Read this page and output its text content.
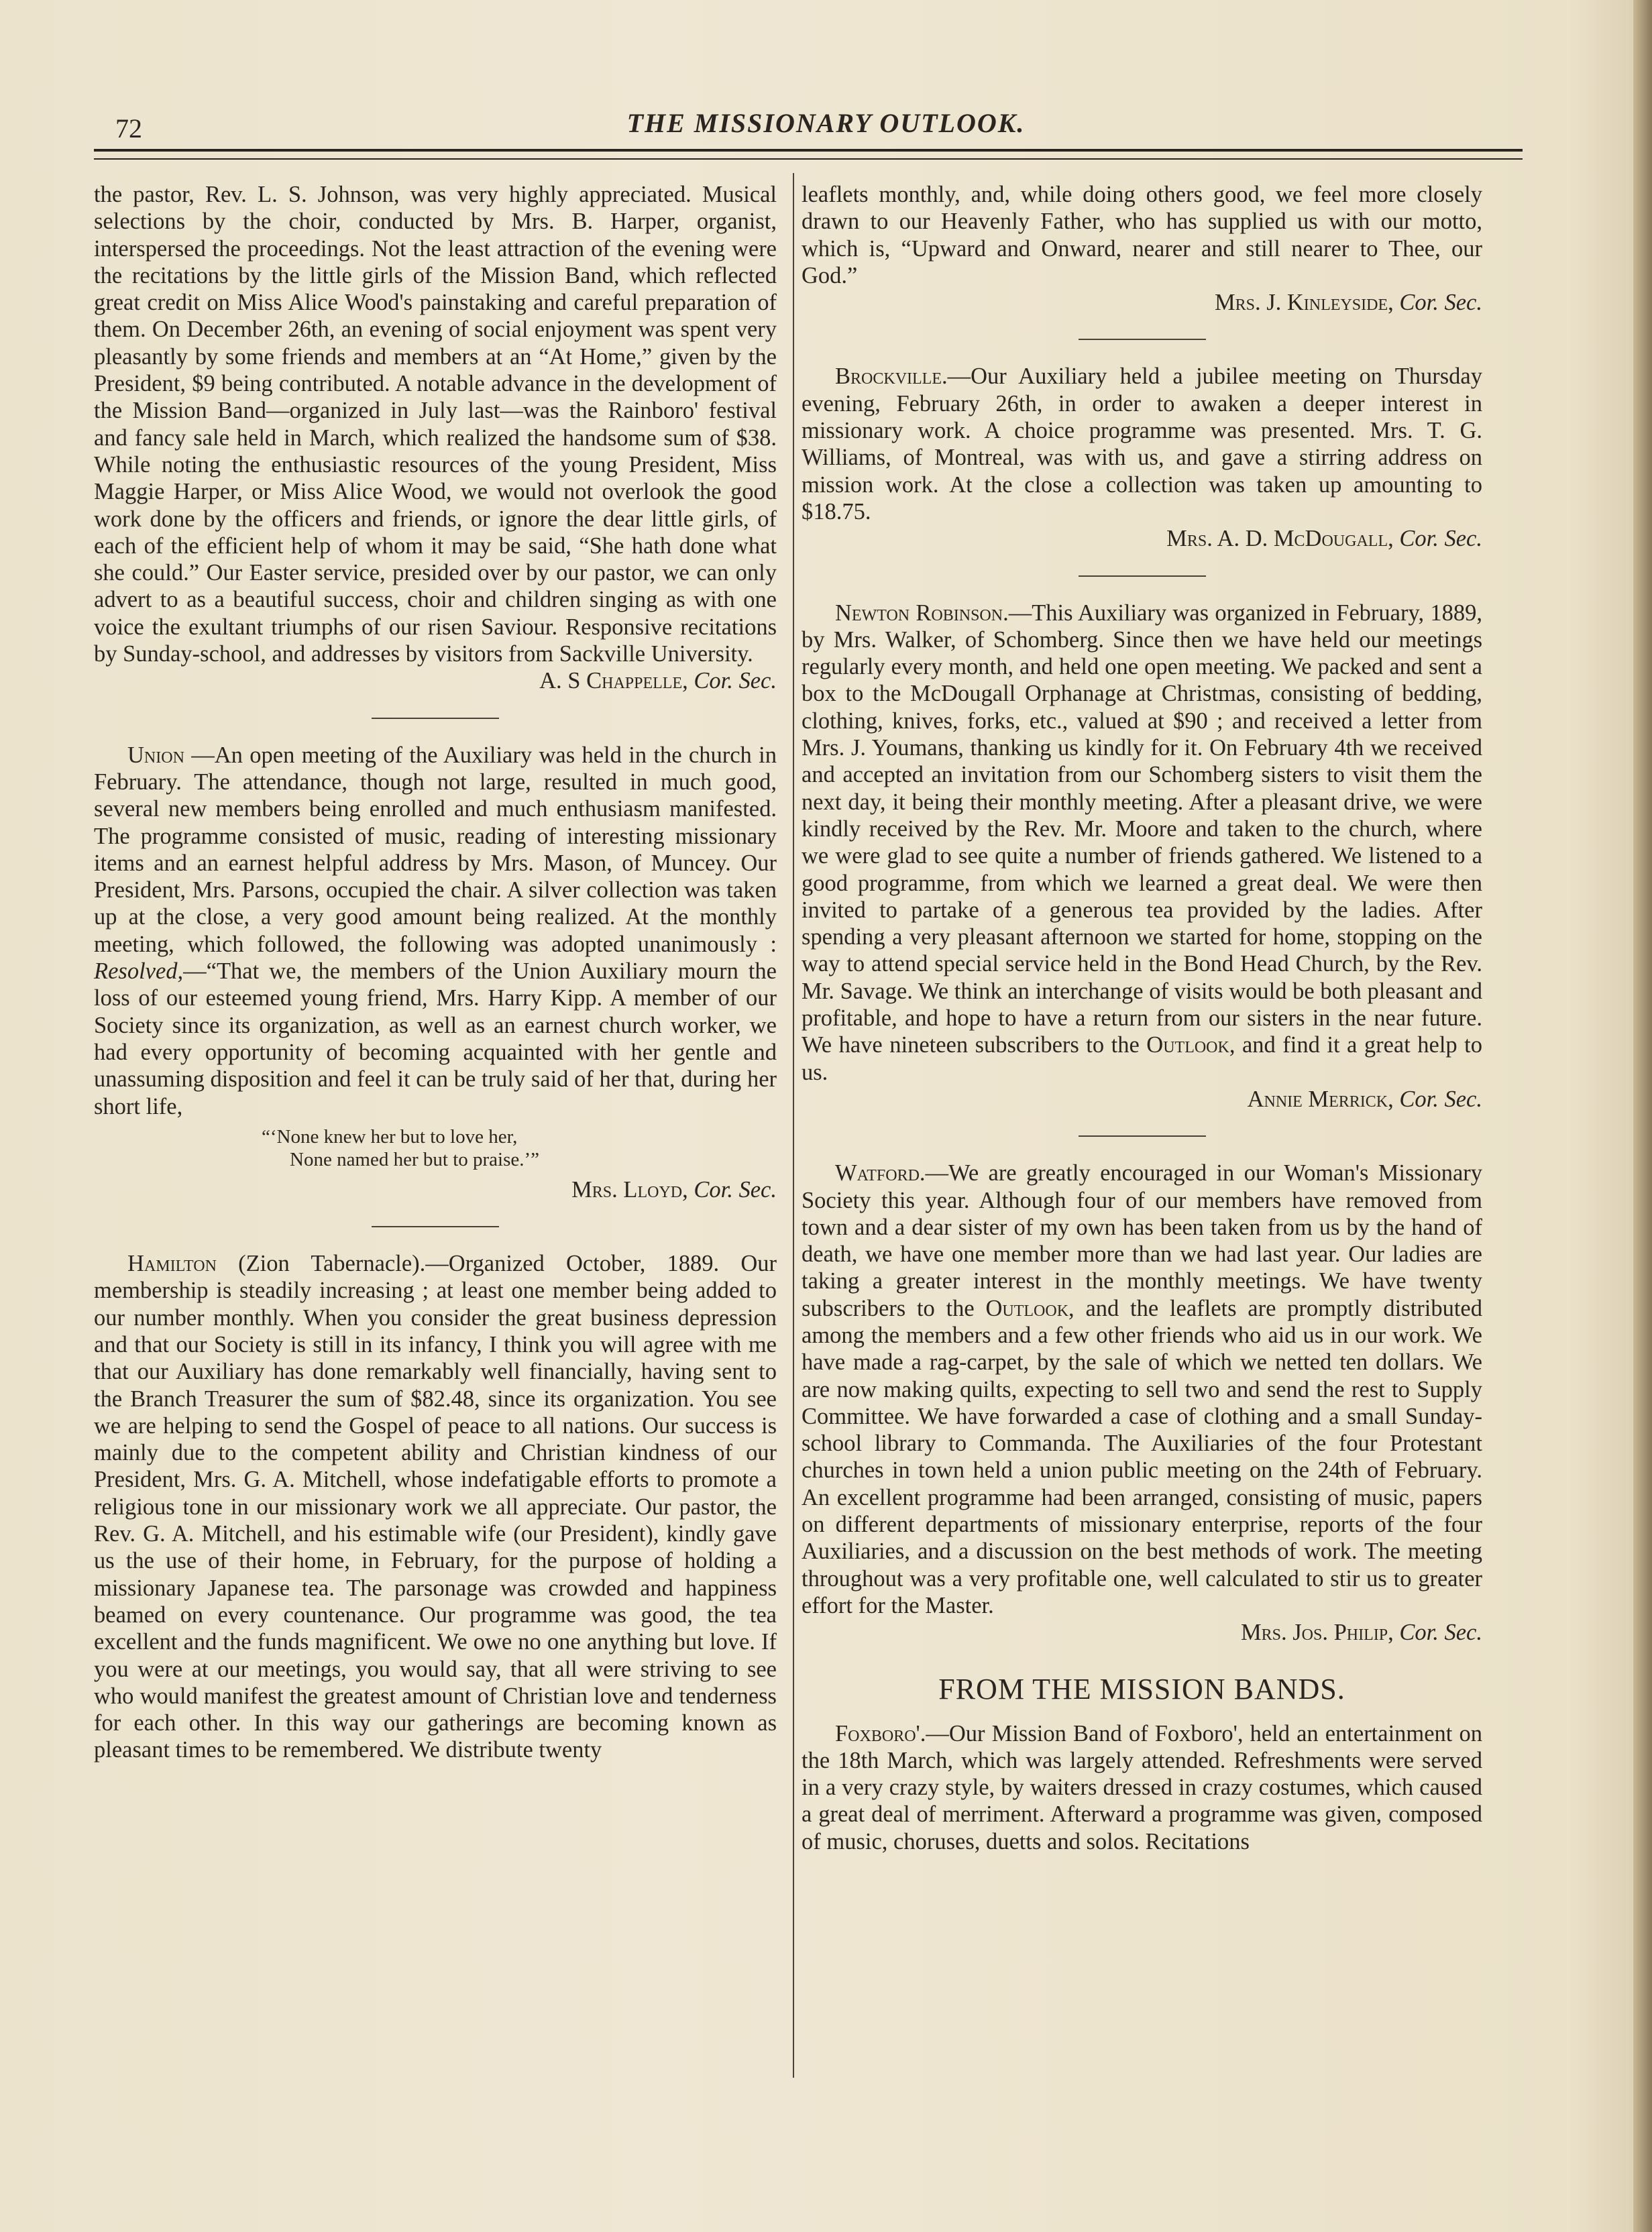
72	THE MISSIONARY OUTLOOK.

the pastor, Rev. L. S. Johnson, was very highly appreciated. Musical selections by the choir, conducted by Mrs. B. Harper, organist, interspersed the proceedings. Not the least attraction of the evening were the recitations by the little girls of the Mission Band, which reflected great credit on Miss Alice Wood's painstaking and careful preparation of them. On December 26th, an evening of social enjoyment was spent very pleasantly by some friends and members at an “At Home,” given by the President, $9 being contributed. A notable advance in the development of the Mission Band—organized in July last—was the Rainboro' festival and fancy sale held in March, which realized the handsome sum of $38. While noting the enthusiastic resources of the young President, Miss Maggie Harper, or Miss Alice Wood, we would not overlook the good work done by the officers and friends, or ignore the dear little girls, of each of the efficient help of whom it may be said, “She hath done what she could.” Our Easter service, presided over by our pastor, we can only advert to as a beautiful success, choir and children singing as with one voice the exultant triumphs of our risen Saviour. Responsive recitations by Sunday-school, and addresses by visitors from Sackville University.

A. S Chappelle, Cor. Sec.

Union —An open meeting of the Auxiliary was held in the church in February. The attendance, though not large, resulted in much good, several new members being enrolled and much enthusiasm manifested. The programme consisted of music, reading of interesting missionary items and an earnest helpful address by Mrs. Mason, of Muncey. Our President, Mrs. Parsons, occupied the chair. A silver collection was taken up at the close, a very good amount being realized. At the monthly meeting, which followed, the following was adopted unanimously : Resolved,—“That we, the members of the Union Auxiliary mourn the loss of our esteemed young friend, Mrs. Harry Kipp. A member of our Society since its organization, as well as an earnest church worker, we had every opportunity of becoming acquainted with her gentle and unassuming disposition and feel it can be truly said of her that, during her short life,

“‘None knew her but to love her,
None named her but to praise.’”

Mrs. Lloyd, Cor. Sec.

Hamilton (Zion Tabernacle).—Organized October, 1889. Our membership is steadily increasing ; at least one member being added to our number monthly. When you consider the great business depression and that our Society is still in its infancy, I think you will agree with me that our Auxiliary has done remarkably well financially, having sent to the Branch Treasurer the sum of $82.48, since its organization. You see we are helping to send the Gospel of peace to all nations. Our success is mainly due to the competent ability and Christian kindness of our President, Mrs. G. A. Mitchell, whose indefatigable efforts to promote a religious tone in our missionary work we all appreciate. Our pastor, the Rev. G. A. Mitchell, and his estimable wife (our President), kindly gave us the use of their home, in February, for the purpose of holding a missionary Japanese tea. The parsonage was crowded and happiness beamed on every countenance. Our programme was good, the tea excellent and the funds magnificent. We owe no one anything but love. If you were at our meetings, you would say, that all were striving to see who would manifest the greatest amount of Christian love and tenderness for each other. In this way our gatherings are becoming known as pleasant times to be remembered. We distribute twenty

leaflets monthly, and, while doing others good, we feel more closely drawn to our Heavenly Father, who has supplied us with our motto, which is, “Upward and Onward, nearer and still nearer to Thee, our God.”

Mrs. J. Kinleyside, Cor. Sec.

Brockville.—Our Auxiliary held a jubilee meeting on Thursday evening, February 26th, in order to awaken a deeper interest in missionary work. A choice programme was presented. Mrs. T. G. Williams, of Montreal, was with us, and gave a stirring address on mission work. At the close a collection was taken up amounting to $18.75.

Mrs. A. D. McDougall, Cor. Sec.

Newton Robinson.—This Auxiliary was organized in February, 1889, by Mrs. Walker, of Schomberg. Since then we have held our meetings regularly every month, and held one open meeting. We packed and sent a box to the McDougall Orphanage at Christmas, consisting of bedding, clothing, knives, forks, etc., valued at $90 ; and received a letter from Mrs. J. Youmans, thanking us kindly for it. On February 4th we received and accepted an invitation from our Schomberg sisters to visit them the next day, it being their monthly meeting. After a pleasant drive, we were kindly received by the Rev. Mr. Moore and taken to the church, where we were glad to see quite a number of friends gathered. We listened to a good programme, from which we learned a great deal. We were then invited to partake of a generous tea provided by the ladies. After spending a very pleasant afternoon we started for home, stopping on the way to attend special service held in the Bond Head Church, by the Rev. Mr. Savage. We think an interchange of visits would be both pleasant and profitable, and hope to have a return from our sisters in the near future. We have nineteen subscribers to the Outlook, and find it a great help to us.

Annie Merrick, Cor. Sec.

Watford.—We are greatly encouraged in our Woman's Missionary Society this year. Although four of our members have removed from town and a dear sister of my own has been taken from us by the hand of death, we have one member more than we had last year. Our ladies are taking a greater interest in the monthly meetings. We have twenty subscribers to the Outlook, and the leaflets are promptly distributed among the members and a few other friends who aid us in our work. We have made a rag-carpet, by the sale of which we netted ten dollars. We are now making quilts, expecting to sell two and send the rest to Supply Committee. We have forwarded a case of clothing and a small Sunday-school library to Commanda. The Auxiliaries of the four Protestant churches in town held a union public meeting on the 24th of February. An excellent programme had been arranged, consisting of music, papers on different departments of missionary enterprise, reports of the four Auxiliaries, and a discussion on the best methods of work. The meeting throughout was a very profitable one, well calculated to stir us to greater effort for the Master.

Mrs. Jos. Philip, Cor. Sec.

FROM THE MISSION BANDS.

Foxboro'.—Our Mission Band of Foxboro', held an entertainment on the 18th March, which was largely attended. Refreshments were served in a very crazy style, by waiters dressed in crazy costumes, which caused a great deal of merriment. Afterward a programme was given, composed of music, choruses, duetts and solos. Recitations
